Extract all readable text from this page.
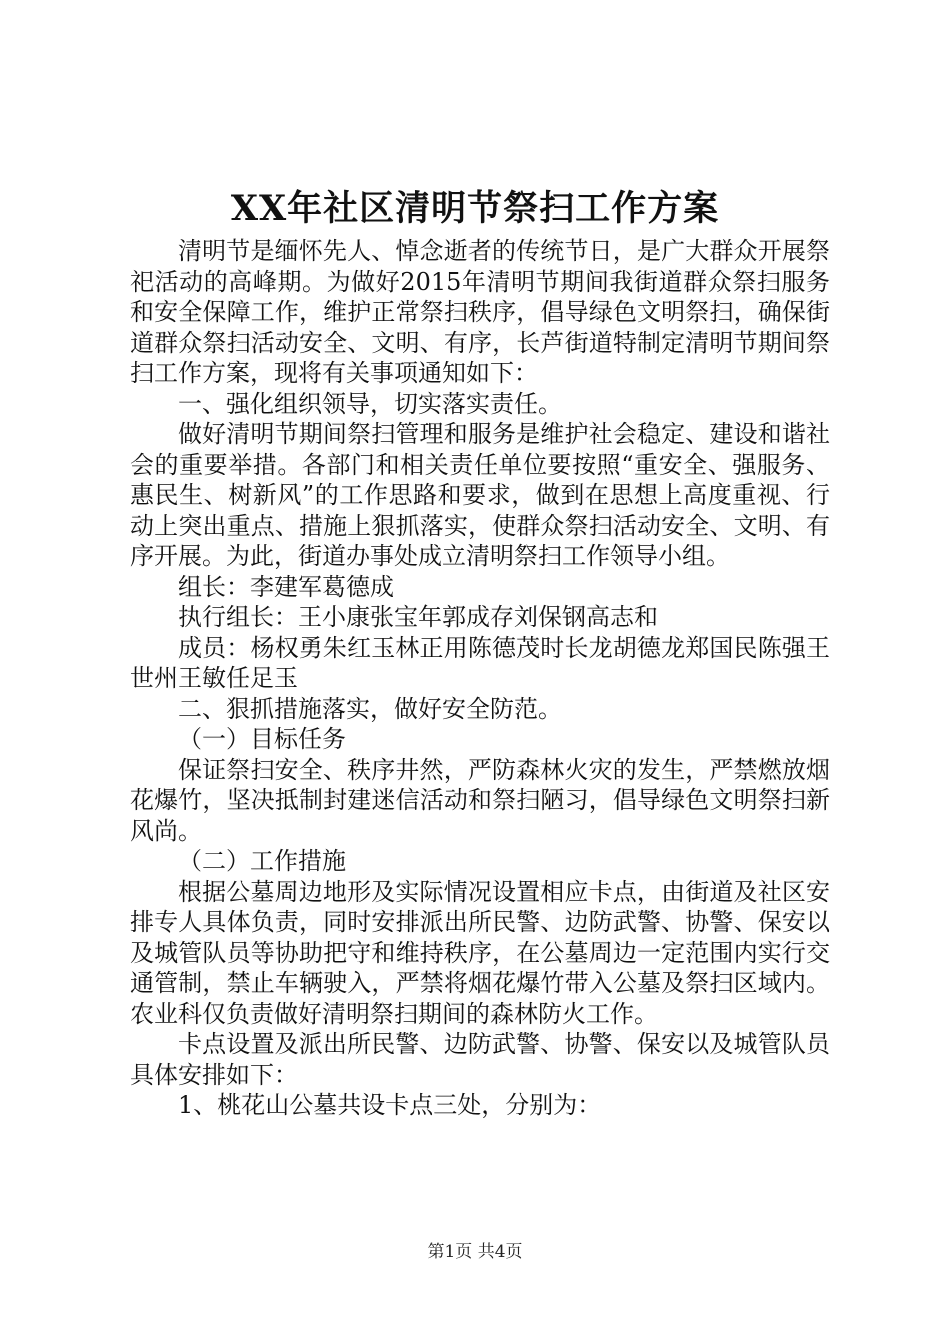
XX年社区清明节祭扫工作方案

清明节是缅怀先人、悼念逝者的传统节日，是广大群众开展祭祀活动的高峰期。为做好2015年清明节期间我街道群众祭扫服务和安全保障工作，维护正常祭扫秩序，倡导绿色文明祭扫，确保街道群众祭扫活动安全、文明、有序，长芦街道特制定清明节期间祭扫工作方案，现将有关事项通知如下：

一、强化组织领导，切实落实责任。

做好清明节期间祭扫管理和服务是维护社会稳定、建设和谐社会的重要举措。各部门和相关责任单位要按照“重安全、强服务、惠民生、树新风”的工作思路和要求，做到在思想上高度重视、行动上突出重点、措施上狠抓落实，使群众祭扫活动安全、文明、有序开展。为此，街道办事处成立清明祭扫工作领导小组。

组长：李建军葛德成

执行组长：王小康张宝年郭成存刘保钢高志和

成员：杨权勇朱红玉林正用陈德茂时长龙胡德龙郑国民陈强王世州王敏任足玉

二、狠抓措施落实，做好安全防范。

（一）目标任务

保证祭扫安全、秩序井然，严防森林火灾的发生，严禁燃放烟花爆竹，坚决抵制封建迷信活动和祭扫陋习，倡导绿色文明祭扫新风尚。

（二）工作措施

根据公墓周边地形及实际情况设置相应卡点，由街道及社区安排专人具体负责，同时安排派出所民警、边防武警、协警、保安以及城管队员等协助把守和维持秩序，在公墓周边一定范围内实行交通管制，禁止车辆驶入，严禁将烟花爆竹带入公墓及祭扫区域内。农业科仅负责做好清明祭扫期间的森林防火工作。

卡点设置及派出所民警、边防武警、协警、保安以及城管队员具体安排如下：

1、桃花山公墓共设卡点三处，分别为：

第1页 共4页
